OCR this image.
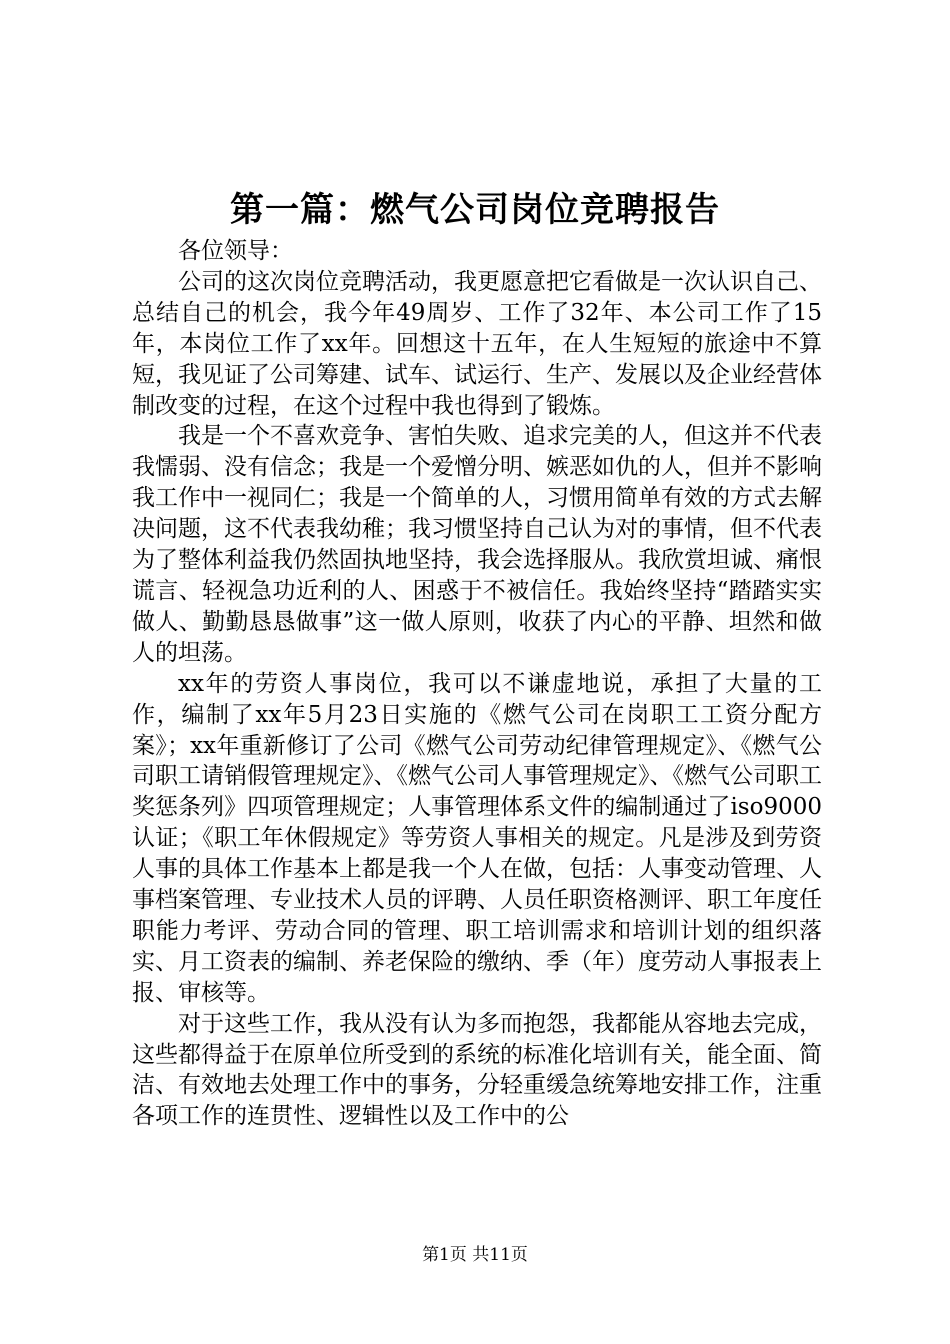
第一篇：燃气公司岗位竞聘报告

各位领导：

公司的这次岗位竞聘活动，我更愿意把它看做是一次认识自己、总结自己的机会，我今年49周岁、工作了32年、本公司工作了15年，本岗位工作了xx年。回想这十五年，在人生短短的旅途中不算短，我见证了公司筹建、试车、试运行、生产、发展以及企业经营体制改变的过程，在这个过程中我也得到了锻炼。

我是一个不喜欢竞争、害怕失败、追求完美的人，但这并不代表我懦弱、没有信念；我是一个爱憎分明、嫉恶如仇的人，但并不影响我工作中一视同仁；我是一个简单的人，习惯用简单有效的方式去解决问题，这不代表我幼稚；我习惯坚持自己认为对的事情，但不代表为了整体利益我仍然固执地坚持，我会选择服从。我欣赏坦诚、痛恨谎言、轻视急功近利的人、困惑于不被信任。我始终坚持“踏踏实实做人、勤勤恳恳做事”这一做人原则，收获了内心的平静、坦然和做人的坦荡。

xx年的劳资人事岗位，我可以不谦虚地说，承担了大量的工作，编制了xx年5月23日实施的《燃气公司在岗职工工资分配方案》；xx年重新修订了公司《燃气公司劳动纪律管理规定》、《燃气公司职工请销假管理规定》、《燃气公司人事管理规定》、《燃气公司职工奖惩条列》四项管理规定；人事管理体系文件的编制通过了iso9000认证；《职工年休假规定》等劳资人事相关的规定。凡是涉及到劳资人事的具体工作基本上都是我一个人在做，包括：人事变动管理、人事档案管理、专业技术人员的评聘、人员任职资格测评、职工年度任职能力考评、劳动合同的管理、职工培训需求和培训计划的组织落实、月工资表的编制、养老保险的缴纳、季（年）度劳动人事报表上报、审核等。

对于这些工作，我从没有认为多而抱怨，我都能从容地去完成，这些都得益于在原单位所受到的系统的标准化培训有关，能全面、简洁、有效地去处理工作中的事务，分轻重缓急统筹地安排工作，注重各项工作的连贯性、逻辑性以及工作中的公

第1页 共11页
